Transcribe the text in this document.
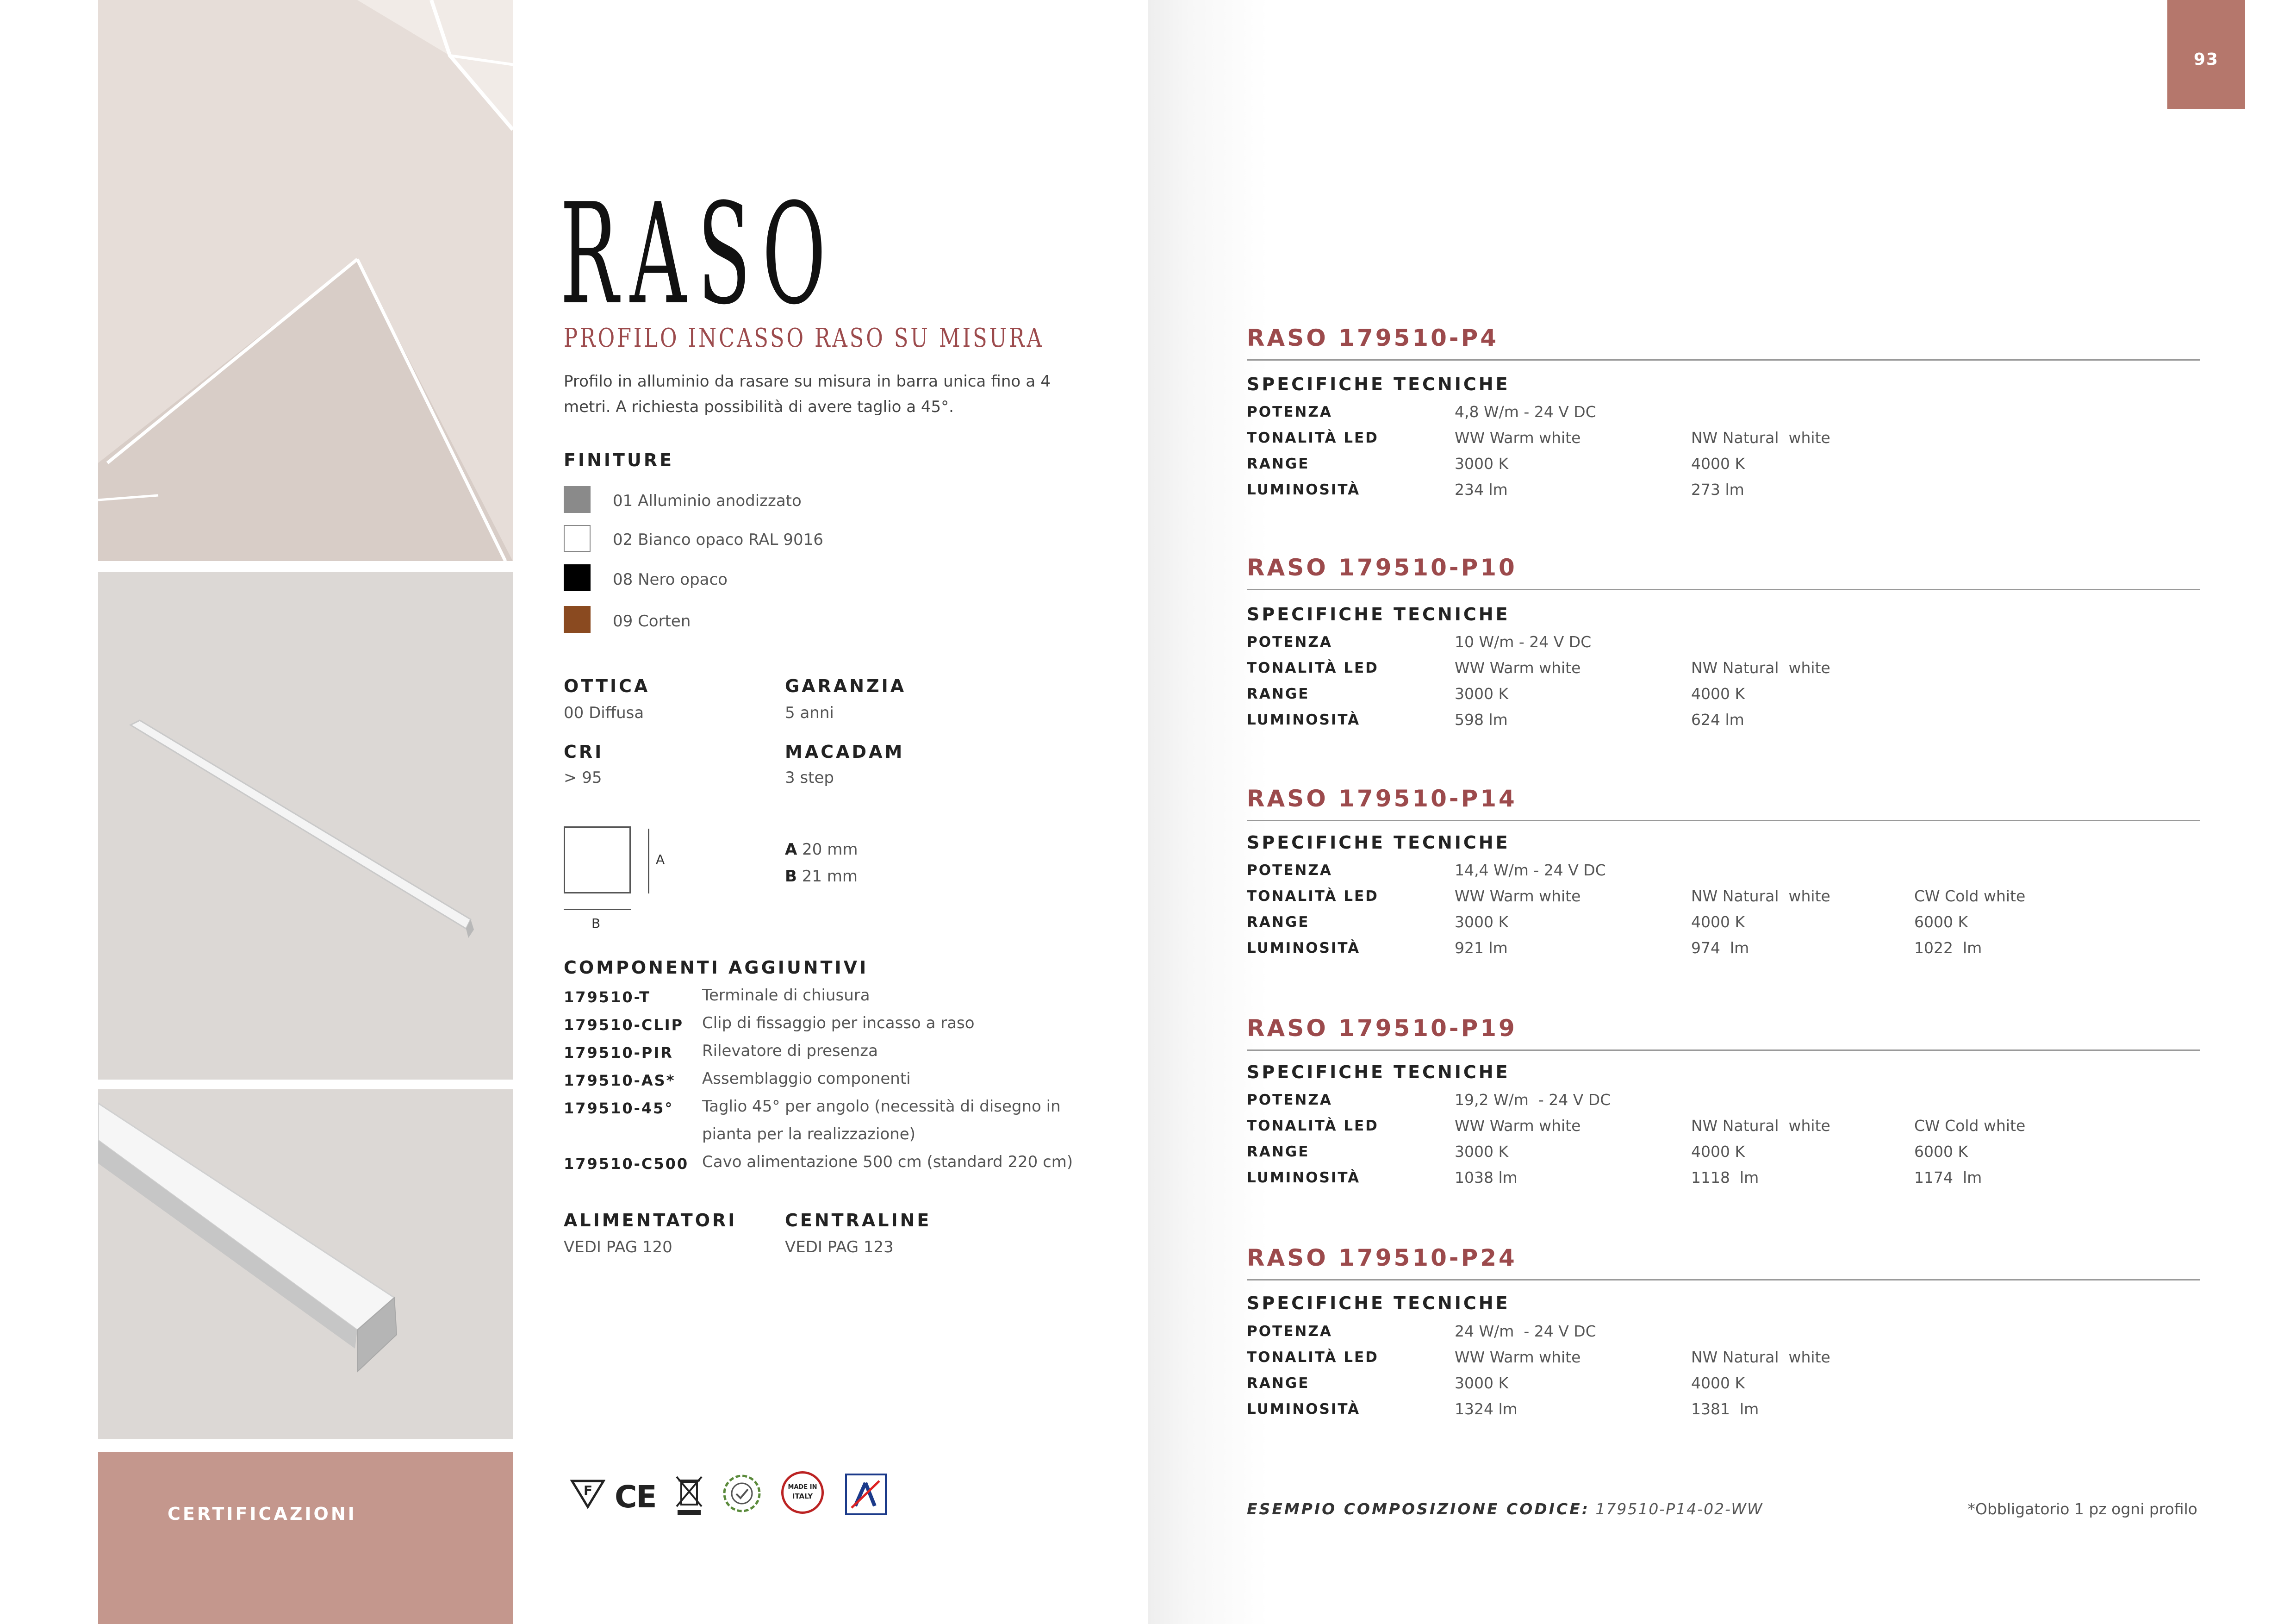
CERTIFICAZIONI
RASO
PROFILO INCASSO RASO SU MISURA
Profilo in alluminio da rasare su misura in barra unica fino a 4 metri. A richiesta possibilità di avere taglio a 45°.
FINITURE
01 Alluminio anodizzato
02 Bianco opaco RAL 9016
08 Nero opaco
09 Corten
OTTICA
00 Diffusa
GARANZIA
5 anni
CRI
> 95
MACADAM
3 step
A
B
A 20 mm
B 21 mm
COMPONENTI AGGIUNTIVI
179510-T	Terminale di chiusura
179510-CLIP Clip di fissaggio per incasso a raso
179510-PIR Rilevatore di presenza
179510-AS* Assemblaggio componenti
179510-45° Taglio 45° per angolo (necessità di disegno in
pianta per la realizzazione)
179510-C500 Cavo alimentazione 500 cm (standard 220 cm)
ALIMENTATORI
VEDI PAG 120
CENTRALINE
VEDI PAG 123
F CE	MADE IN
ITALY
93
RASO 179510-P4
SPECIFICHE TECNICHE
POTENZA	4,8 W/m - 24 V DC
TONALITÀ LED	WW Warm white	NW Natural  white
RANGE	3000 K	4000 K
LUMINOSITÀ	234 lm	273 lm
RASO 179510-P10
SPECIFICHE TECNICHE
POTENZA	10 W/m - 24 V DC
TONALITÀ LED	WW Warm white	NW Natural  white
RANGE	3000 K	4000 K
LUMINOSITÀ	598 lm	624 lm
RASO 179510-P14
SPECIFICHE TECNICHE
POTENZA	14,4 W/m - 24 V DC
TONALITÀ LED	WW Warm white	NW Natural  white	CW Cold white
RANGE	3000 K	4000 K	6000 K
LUMINOSITÀ	921 lm	974  lm	1022  lm
RASO 179510-P19
SPECIFICHE TECNICHE
POTENZA	19,2 W/m  - 24 V DC
TONALITÀ LED	WW Warm white	NW Natural  white	CW Cold white
RANGE	3000 K	4000 K	6000 K
LUMINOSITÀ	1038 lm	1118  lm	1174  lm
RASO 179510-P24
SPECIFICHE TECNICHE
POTENZA	24 W/m  - 24 V DC
TONALITÀ LED	WW Warm white	NW Natural  white
RANGE	3000 K	4000 K
LUMINOSITÀ	1324 lm	1381  lm
ESEMPIO COMPOSIZIONE CODICE: 179510-P14-02-WW	*Obbligatorio 1 pz ogni profilo
